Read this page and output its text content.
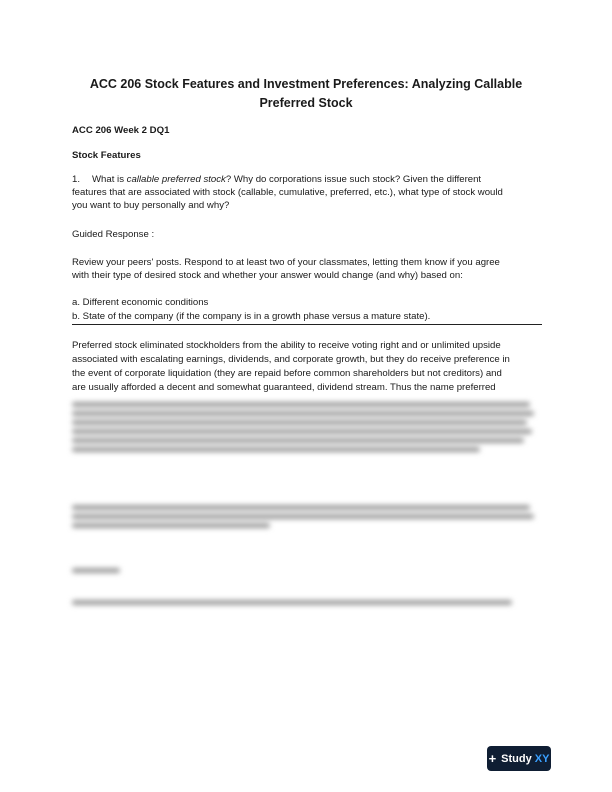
ACC 206 Stock Features and Investment Preferences: Analyzing Callable
Preferred Stock
ACC 206 Week 2 DQ1
Stock Features
1. What is callable preferred stock? Why do corporations issue such stock? Given the different
features that are associated with stock (callable, cumulative, preferred, etc.), what type of stock would
you want to buy personally and why?
Guided Response :
Review your peers' posts. Respond to at least two of your classmates, letting them know if you agree
with their type of desired stock and whether your answer would change (and why) based on:
a. Different economic conditions
b. State of the company (if the company is in a growth phase versus a mature state).
Preferred stock eliminated stockholders from the ability to receive voting right and or unlimited upside
associated with escalating earnings, dividends, and corporate growth, but they do receive preference in
the event of corporate liquidation (they are repaid before common shareholders but not creditors) and
are usually afforded a decent and somewhat guaranteed, dividend stream. Thus the name preferred
+ Study XY
